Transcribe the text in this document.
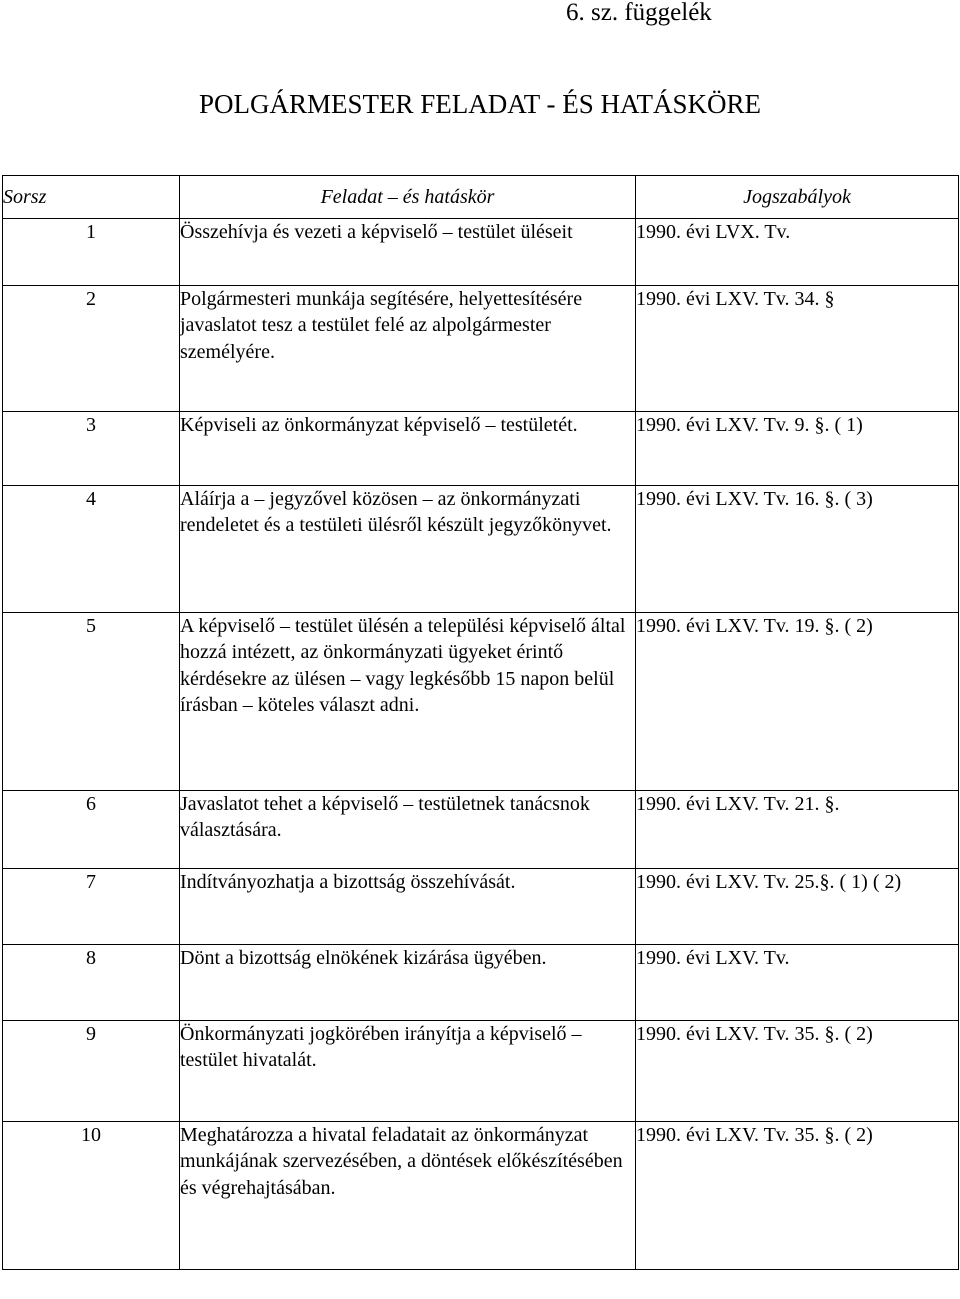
6. sz. függelék
POLGÁRMESTER FELADAT - ÉS HATÁSKÖRE
Sorsz	Feladat – és hatáskör	Jogszabályok
1	Összehívja és vezeti a képviselő – testület üléseit	1990. évi LVX. Tv.
2	Polgármesteri munkája segítésére, helyettesítésére javaslatot tesz a testület felé az alpolgármester személyére.	1990. évi LXV. Tv. 34. §
3	Képviseli az önkormányzat képviselő – testületét.	1990. évi LXV. Tv. 9. §. ( 1)
4	Aláírja a – jegyzővel közösen – az önkormányzati rendeletet és a testületi ülésről készült jegyzőkönyvet.	1990. évi LXV. Tv. 16. §. ( 3)
5	A képviselő – testület ülésén a települési képviselő által hozzá intézett, az önkormányzati ügyeket érintő kérdésekre az ülésen – vagy legkésőbb 15 napon belül írásban – köteles választ adni.	1990. évi LXV. Tv. 19. §. ( 2)
6	Javaslatot tehet a képviselő – testületnek tanácsnok választására.	1990. évi LXV. Tv. 21. §.
7	Indítványozhatja a bizottság összehívását.	1990. évi LXV. Tv. 25.§. ( 1) ( 2)
8	Dönt a bizottság elnökének kizárása ügyében.	1990. évi LXV. Tv.
9	Önkormányzati jogkörében irányítja a képviselő – testület hivatalát.	1990. évi LXV. Tv. 35. §. ( 2)
10	Meghatározza a hivatal feladatait az önkormányzat munkájának szervezésében, a döntések előkészítésében és végrehajtásában.	1990. évi LXV. Tv. 35. §. ( 2)
